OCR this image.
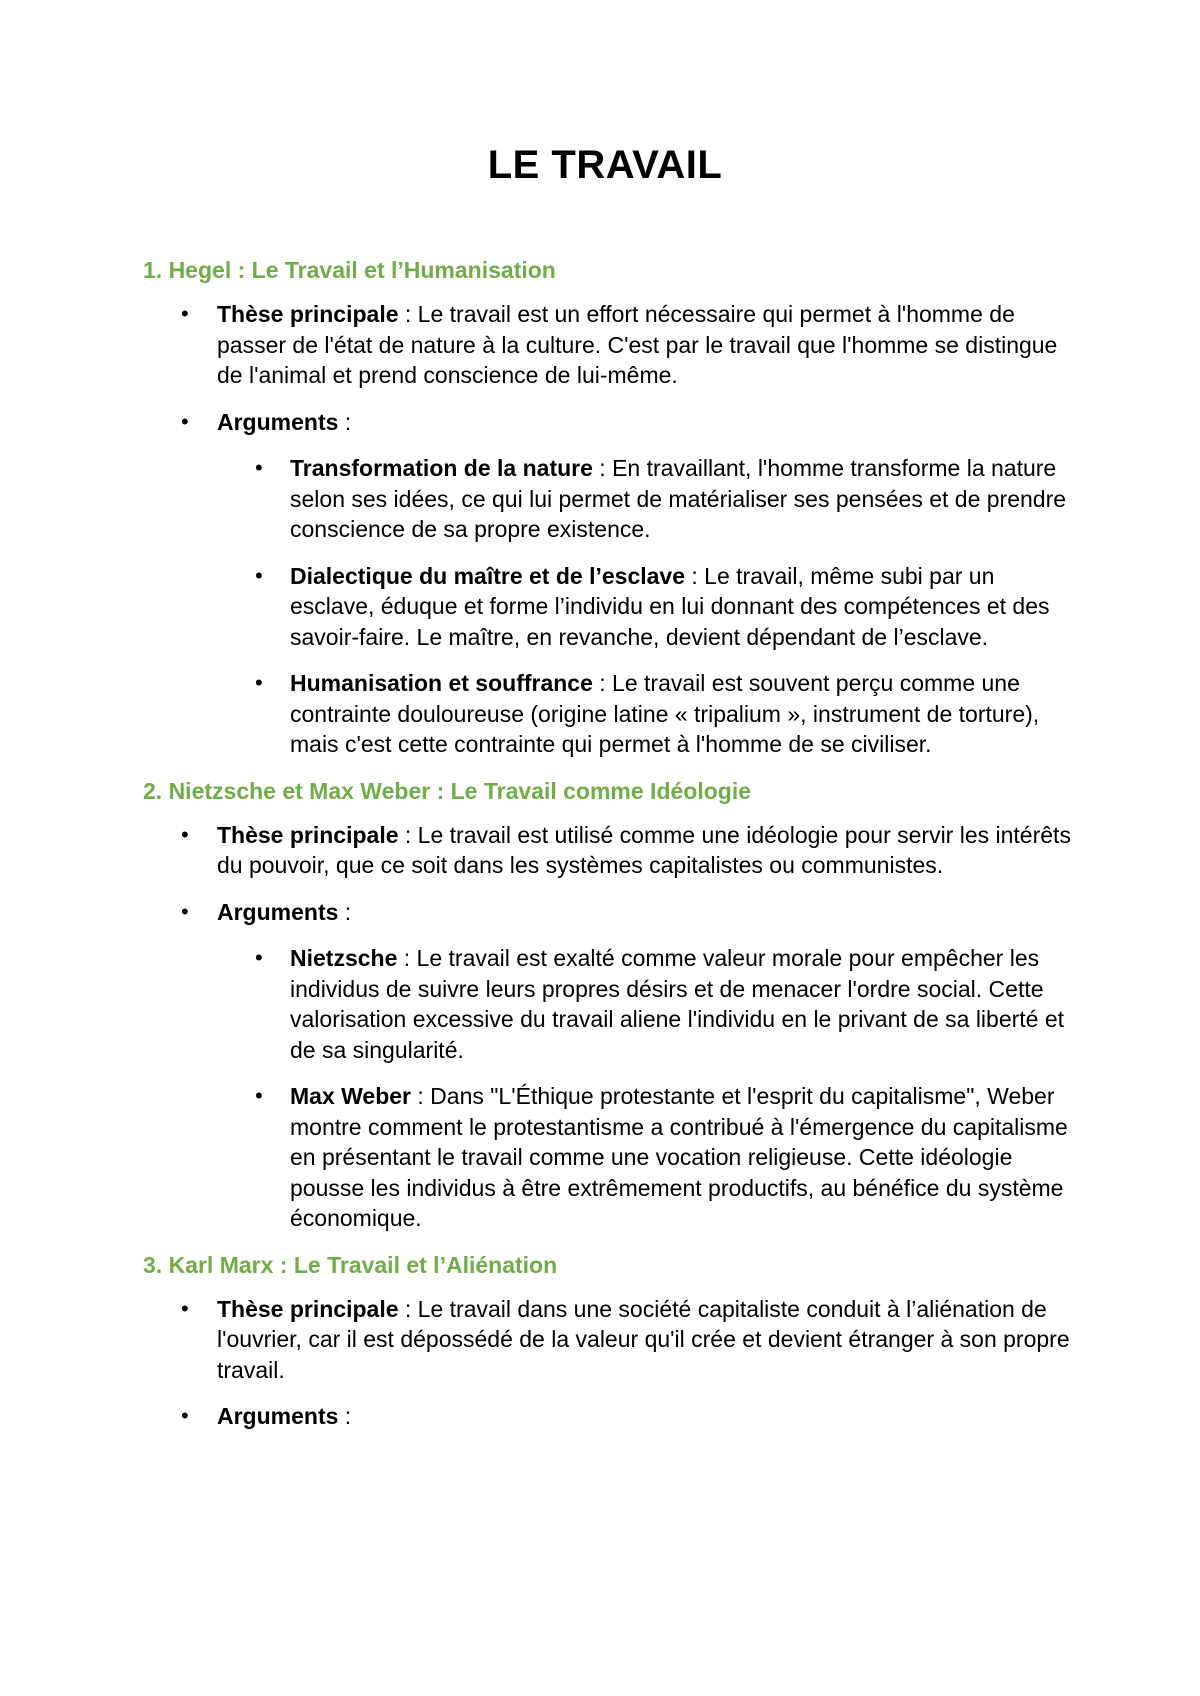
LE TRAVAIL
1. Hegel : Le Travail et l’Humanisation
• Thèse principale : Le travail est un effort nécessaire qui permet à l'homme de passer de l'état de nature à la culture. C'est par le travail que l'homme se distingue de l'animal et prend conscience de lui-même.
• Arguments :
• Transformation de la nature : En travaillant, l'homme transforme la nature selon ses idées, ce qui lui permet de matérialiser ses pensées et de prendre conscience de sa propre existence.
• Dialectique du maître et de l’esclave : Le travail, même subi par un esclave, éduque et forme l’individu en lui donnant des compétences et des savoir-faire. Le maître, en revanche, devient dépendant de l’esclave.
• Humanisation et souffrance : Le travail est souvent perçu comme une contrainte douloureuse (origine latine « tripalium », instrument de torture), mais c'est cette contrainte qui permet à l'homme de se civiliser.
2. Nietzsche et Max Weber : Le Travail comme Idéologie
• Thèse principale : Le travail est utilisé comme une idéologie pour servir les intérêts du pouvoir, que ce soit dans les systèmes capitalistes ou communistes.
• Arguments :
• Nietzsche : Le travail est exalté comme valeur morale pour empêcher les individus de suivre leurs propres désirs et de menacer l'ordre social. Cette valorisation excessive du travail aliene l'individu en le privant de sa liberté et de sa singularité.
• Max Weber : Dans "L'Éthique protestante et l'esprit du capitalisme", Weber montre comment le protestantisme a contribué à l'émergence du capitalisme en présentant le travail comme une vocation religieuse. Cette idéologie pousse les individus à être extrêmement productifs, au bénéfice du système économique.
3. Karl Marx : Le Travail et l’Aliénation
• Thèse principale : Le travail dans une société capitaliste conduit à l’aliénation de l'ouvrier, car il est dépossédé de la valeur qu'il crée et devient étranger à son propre travail.
• Arguments :
